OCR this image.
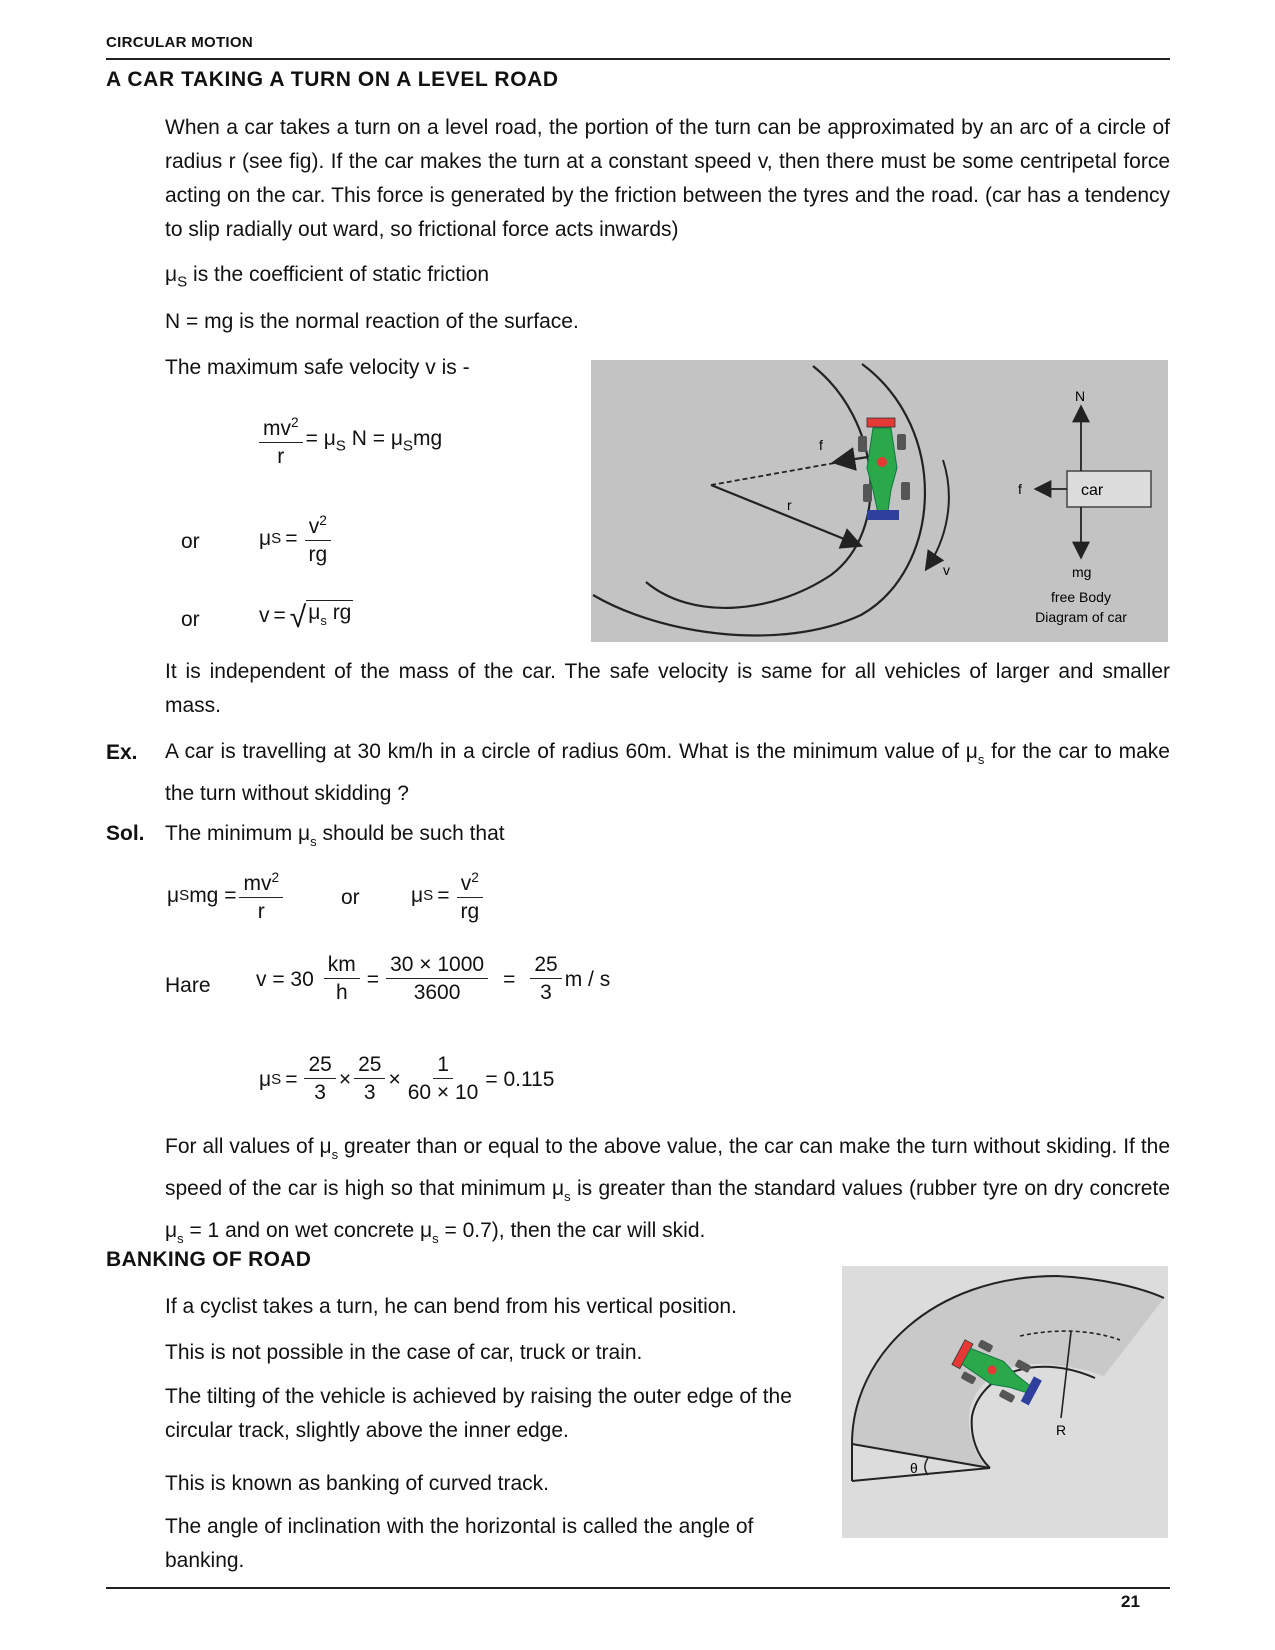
CIRCULAR MOTION
A CAR TAKING A TURN ON A LEVEL ROAD
When a car takes a turn on a level road, the portion of the turn can be approximated by an arc of a circle of radius r (see fig). If the car makes the turn at a constant speed v, then there must be some centripetal force acting on the car. This force is generated by the friction between the tyres and the road. (car has a tendency to slip radially out ward, so frictional force acts inwards)
$\mu_S$ is the coefficient of static friction
N = mg is the normal reaction of the surface.
The maximum safe velocity v is -
$\frac{mv^2}{r} = \mu_S$ $N = \mu_Smg$
or	μ $S = \frac{v^2}{rg}$
or	v = √ $\mu_s$ rg
v
f
r
N
car
f
mg
free Body
Diagram of car
It is independent of the mass of the car. The safe velocity is same for all vehicles of larger and smaller mass.
Ex. A car is travelling at 30 km/h in a circle of radius 60m. What is the minimum value of $\mu_s$ for the car to make the turn without skidding ?
Sol. The minimum $\mu_s$ should be such that
μ S mg = $\frac{mv^2}{r}$	or μ $S = \frac{v^2}{rg}$
Hare $v = 30 \frac{km}{h} = \frac{30 \times 1000}{3600} = \frac{25}{3}$ m / s
μ $S = \frac{25}{3} \times \frac{25}{3} \times \frac{1}{60 \times 10} = 0.115$
For all values of $\mu_s$ greater than or equal to the above value, the car can make the turn without skiding. If the speed of the car is high so that minimum $\mu_s$ is greater than the standard values (rubber tyre on dry concrete $\mu_s = 1$ and on wet concrete $\mu_s = 0.7$), then the car will skid.
BANKING OF ROAD
If a cyclist takes a turn, he can bend from his vertical position.
This is not possible in the case of car, truck or train.
The tilting of the vehicle is achieved by raising the outer edge of the circular track, slightly above the inner edge.
This is known as banking of curved track.
The angle of inclination with the horizontal is called the angle of banking.
R
θ
21
